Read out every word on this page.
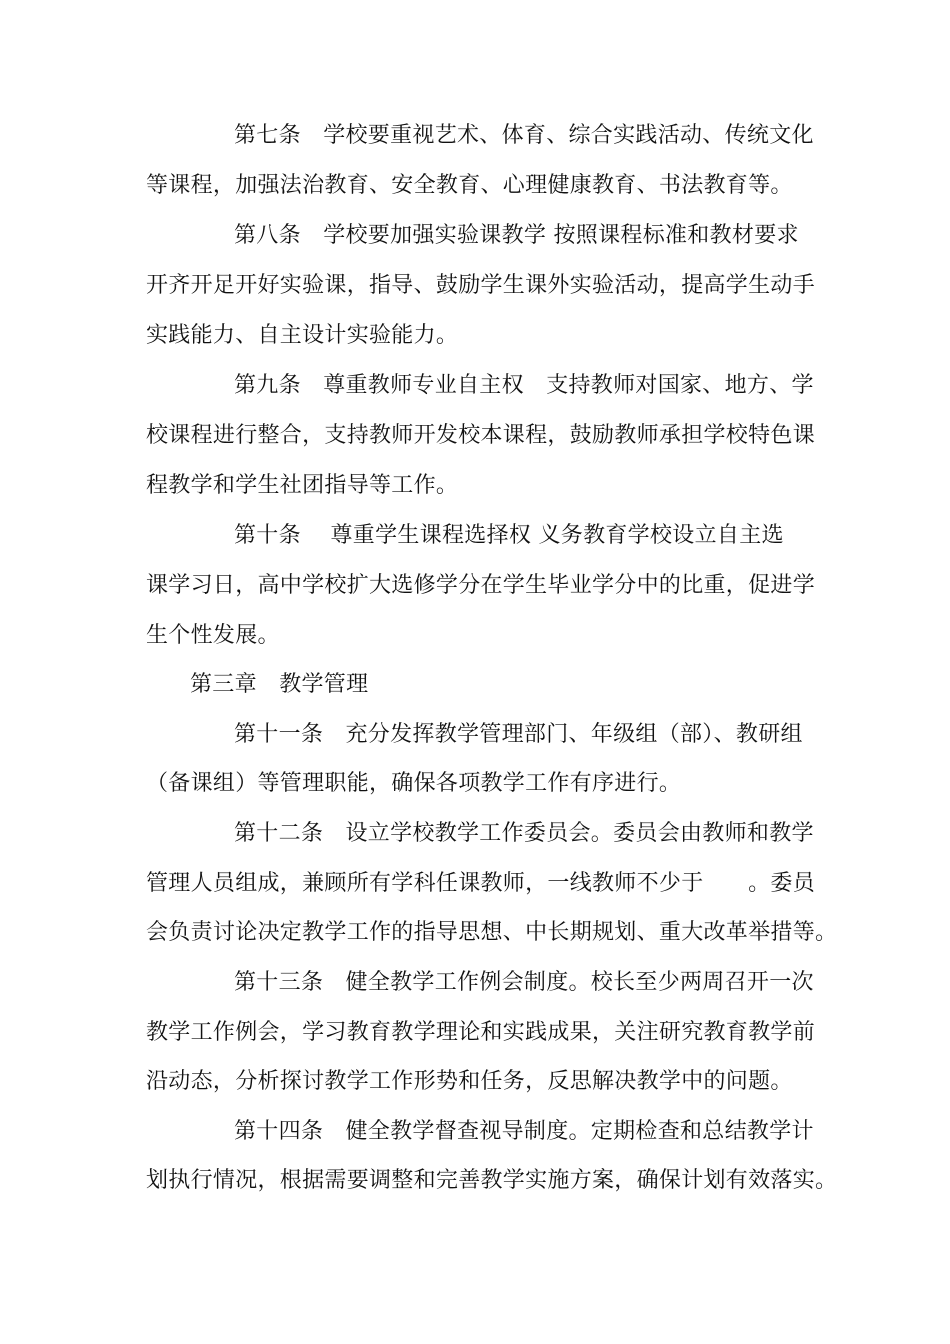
第七条　学校要重视艺术、体育、综合实践活动、传统文化
等课程，加强法治教育、安全教育、心理健康教育、书法教育等。
第八条　学校要加强实验课教学 按照课程标准和教材要求
开齐开足开好实验课，指导、鼓励学生课外实验活动，提高学生动手
实践能力、自主设计实验能力。
第九条　尊重教师专业自主权　支持教师对国家、地方、学
校课程进行整合，支持教师开发校本课程，鼓励教师承担学校特色课
程教学和学生社团指导等工作。
第十条　 尊重学生课程选择权 义务教育学校设立自主选
课学习日，高中学校扩大选修学分在学生毕业学分中的比重，促进学
生个性发展。
第三章　教学管理
第十一条　充分发挥教学管理部门、年级组（部）、教研组
（备课组）等管理职能，确保各项教学工作有序进行。
第十二条　设立学校教学工作委员会。委员会由教师和教学
管理人员组成，兼顾所有学科任课教师，一线教师不少于　　。委员
会负责讨论决定教学工作的指导思想、中长期规划、重大改革举措等。
第十三条　健全教学工作例会制度。校长至少两周召开一次
教学工作例会，学习教育教学理论和实践成果，关注研究教育教学前
沿动态，分析探讨教学工作形势和任务，反思解决教学中的问题。
第十四条　健全教学督查视导制度。定期检查和总结教学计
划执行情况，根据需要调整和完善教学实施方案，确保计划有效落实。
